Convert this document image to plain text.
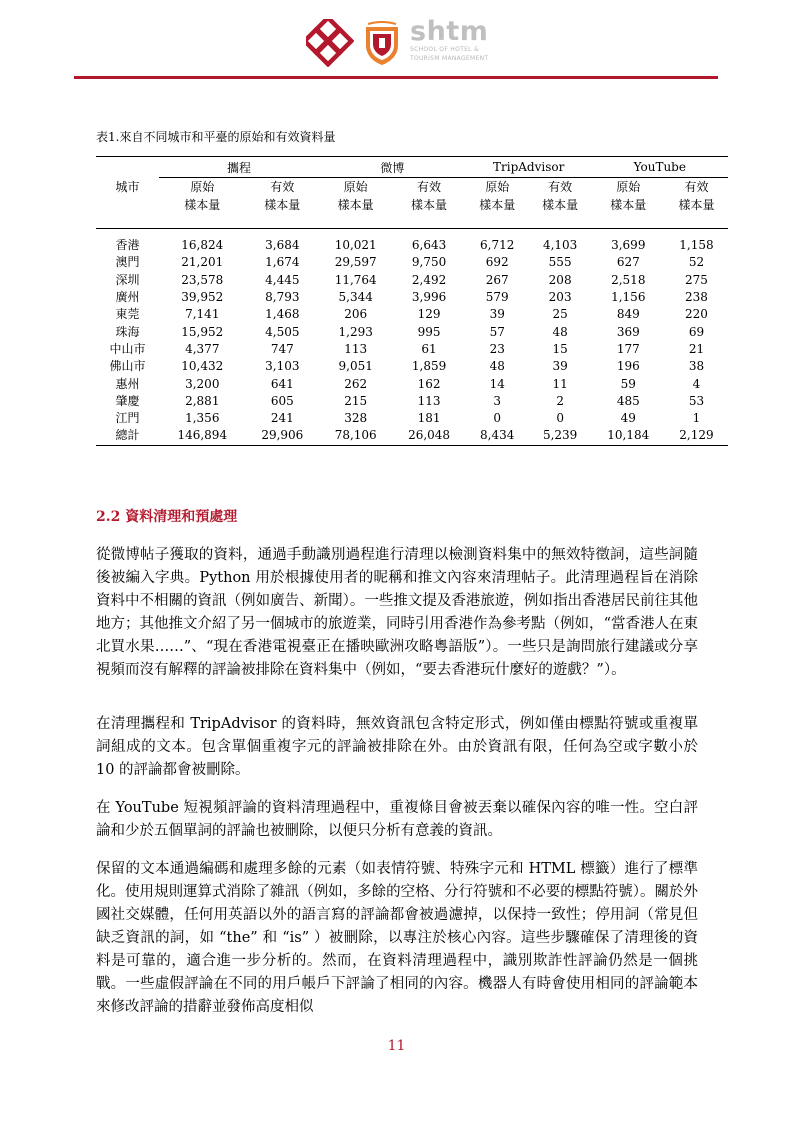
shtm
SCHOOL OF HOTEL &
TOURISM MANAGEMENT
表1.來自不同城市和平臺的原始和有效資料量
	攜程		微博		TripAdvisor		YouTube	
城市	原始	有效	原始	有效	原始	有效	原始	有效
	樣本量	樣本量	樣本量	樣本量	樣本量	樣本量	樣本量	樣本量

香港	16,824	3,684	10,021	6,643	6,712	4,103	3,699	1,158
澳門	21,201	1,674	29,597	9,750	692	555	627	52
深圳	23,578	4,445	11,764	2,492	267	208	2,518	275
廣州	39,952	8,793	5,344	3,996	579	203	1,156	238
東莞	7,141	1,468	206	129	39	25	849	220
珠海	15,952	4,505	1,293	995	57	48	369	69
中山市	4,377	747	113	61	23	15	177	21
佛山市	10,432	3,103	9,051	1,859	48	39	196	38
惠州	3,200	641	262	162	14	11	59	4
肇慶	2,881	605	215	113	3	2	485	53
江門	1,356	241	328	181	0	0	49	1
總計	146,894	29,906	78,106	26,048	8,434	5,239	10,184	2,129
2.2 資料清理和預處理
從微博帖子獲取的資料，通過手動識別過程進行清理以檢測資料集中的無效特徵詞，這些詞隨後被編入字典。Python 用於根據使用者的昵稱和推文內容來清理帖子。此清理過程旨在消除資料中不相關的資訊（例如廣告、新聞）。一些推文提及香港旅遊，例如指出香港居民前往其他地方；其他推文介紹了另一個城市的旅遊業，同時引用香港作為參考點（例如，“當香港人在東北買水果……”、“現在香港電視臺正在播映歐洲攻略粵語版”）。一些只是詢問旅行建議或分享視頻而沒有解釋的評論被排除在資料集中（例如，“要去香港玩什麼好的遊戲？”）。
在清理攜程和 TripAdvisor 的資料時，無效資訊包含特定形式，例如僅由標點符號或重複單詞組成的文本。包含單個重複字元的評論被排除在外。由於資訊有限，任何為空或字數小於 10 的評論都會被刪除。
在 YouTube 短視頻評論的資料清理過程中，重複條目會被丟棄以確保內容的唯一性。空白評論和少於五個單詞的評論也被刪除，以便只分析有意義的資訊。
保留的文本通過編碼和處理多餘的元素（如表情符號、特殊字元和 HTML 標籤）進行了標準化。使用規則運算式消除了雜訊（例如，多餘的空格、分行符號和不必要的標點符號）。關於外國社交媒體，任何用英語以外的語言寫的評論都會被過濾掉，以保持一致性；停用詞（常見但缺乏資訊的詞，如 “the” 和 “is” ）被刪除，以專注於核心內容。這些步驟確保了清理後的資料是可靠的，適合進一步分析的。然而，在資料清理過程中，識別欺詐性評論仍然是一個挑戰。一些虛假評論在不同的用戶帳戶下評論了相同的內容。機器人有時會使用相同的評論範本來修改評論的措辭並發佈高度相似
11
